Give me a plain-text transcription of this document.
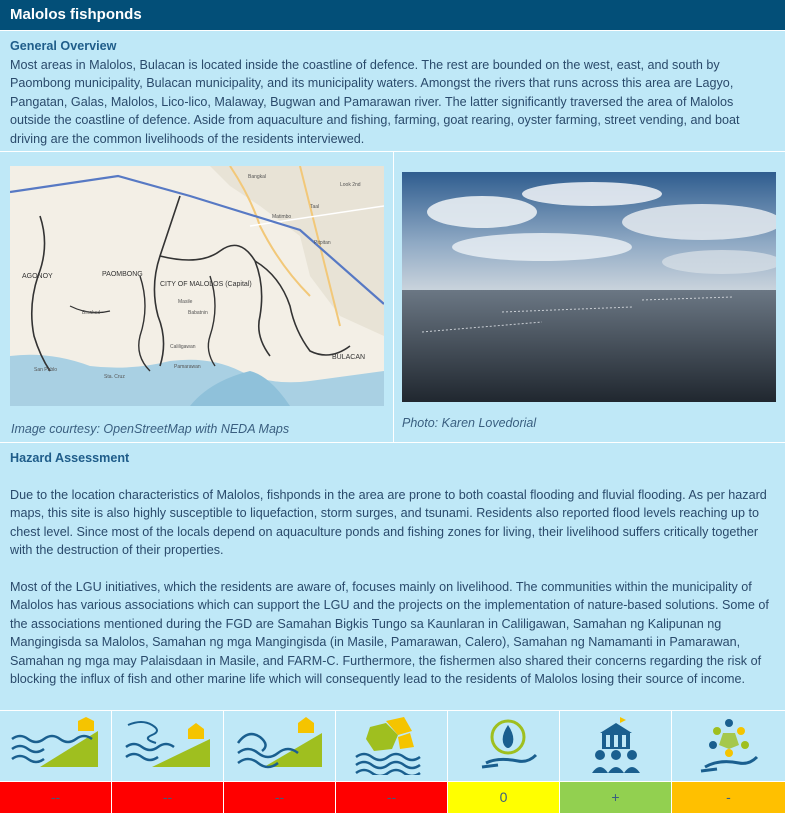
Malolos fishponds
General Overview
Most areas in Malolos, Bulacan is located inside the coastline of defence. The rest are bounded on the west, east, and south by Paombong municipality, Bulacan municipality, and its municipality waters. Amongst the rivers that runs across this area are Lagyo, Pangatan, Galas, Malolos, Lico-lico, Malaway, Bugwan and Pamarawan river. The latter significantly traversed the area of Malolos outside the coastline of defence. Aside from aquaculture and fishing, farming, goat rearing, oyster farming, street vending, and boat driving are the common livelihoods of the residents interviewed.
AGONOY	PAOMBONG
CITY OF MALOLOS (Capital)
Masile
Babatnin
Binakod
Caliligawan
Pamarawan
BULACAN
Bangkal
Look 2nd
Taal
Matimbo
Pitpitan
San Pablo
Sta. Cruz
Image courtesy: OpenStreetMap with NEDA Maps	Photo: Karen Lovedorial
Hazard Assessment

Due to the location characteristics of Malolos, fishponds in the area are prone to both coastal flooding and fluvial flooding. As per hazard maps, this site is also highly susceptible to liquefaction, storm surges, and tsunami. Residents also reported flood levels reaching up to chest level. Since most of the locals depend on aquaculture ponds and fishing zones for living, their livelihood suffers critically together with the destruction of their properties.

Most of the LGU initiatives, which the residents are aware of, focuses mainly on livelihood. The communities within the municipality of Malolos has various associations which can support the LGU and the projects on the implementation of nature-based solutions. Some of the associations mentioned during the FGD are Samahan Bigkis Tungo sa Kaunlaran in Caliligawan, Samahan ng Kalipunan ng Mangingisda sa Malolos, Samahan ng mga Mangingisda (in Masile, Pamarawan, Calero), Samahan ng Namamanti in Pamarawan, Samahan ng mga may Palaisdaan in Masile, and FARM-C. Furthermore, the fishermen also shared their concerns regarding the risk of blocking the influx of fish and other marine life which will consequently lead to the residents of Malolos losing their source of income.

--	--	--	--	0	+	-
